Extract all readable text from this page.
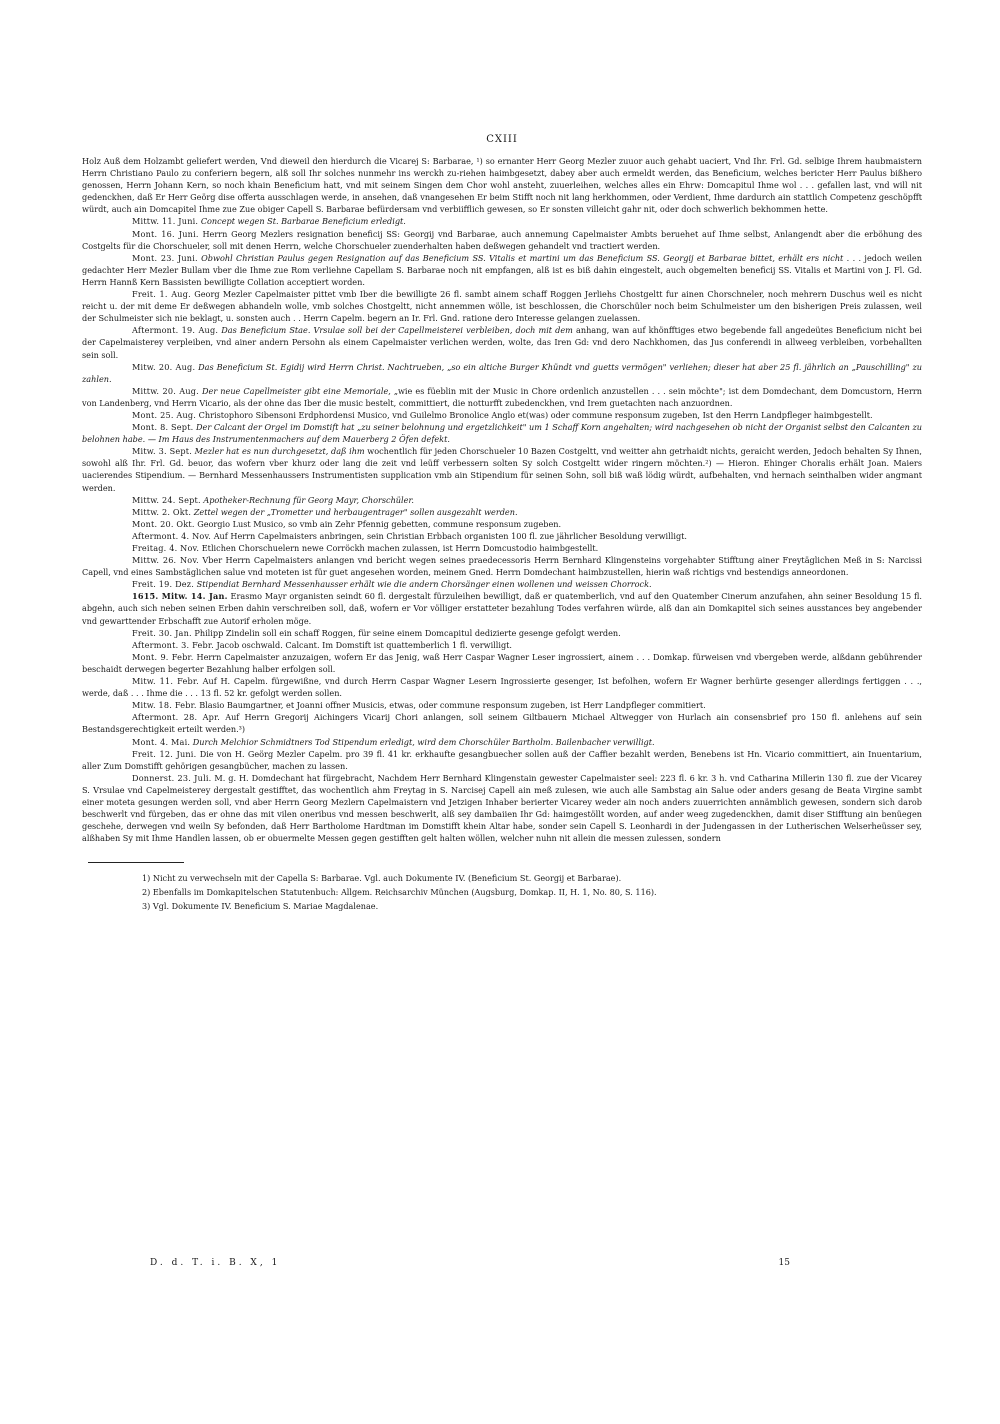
CXIII

Holz Auß dem Holzambt geliefert werden, Vnd dieweil den hierdurch die Vicarej S: Barbarae, ¹) so ernanter Herr Georg Mezler zuuor auch gehabt uaciert, Vnd Ihr. Frl. Gd. selbige Ihrem haubmaistern Herrn Christiano Paulo zu conferiern begern, alß soll Ihr solches nunmehr ins werckh zu-riehen haimbgesetzt, dabey aber auch ermeldt werden, das Beneficium, welches bericter Herr Paulus bißhero genossen, Herrn Johann Kern, so noch khain Beneficium hatt, vnd mit seinem Singen dem Chor wohl ansteht, zuuerleihen, welches alles ein Ehrw: Domcapitul Ihme wol . . . gefallen last, vnd will nit gedenckhen, daß Er Herr Geörg dise offerta ausschlagen werde, in ansehen, daß vnangesehen Er beim Stifft noch nit lang herkhommen, oder Verdient, Ihme dardurch ain stattlich Competenz geschöpfft würdt, auch ain Domcapitel Ihme zue Zue obiger Capell S. Barbarae befürdersam vnd verbiifflich gewesen, so Er sonsten villeicht gahr nit, oder doch schwerlich bekhommen hette.

Mittw. 11. Juni. Concept wegen St. Barbarae Beneficium erledigt.

Mont. 16. Juni. Herrn Georg Mezlers resignation beneficij SS: Georgij vnd Barbarae, auch annemung Capelmaister Ambts beruehet auf Ihme selbst, Anlangendt aber die erböhung des Costgelts für die Chorschueler, soll mit denen Herrn, welche Chorschueler zuenderhalten haben deßwegen gehandelt vnd tractiert werden.

Mont. 23. Juni. Obwohl Christian Paulus gegen Resignation auf das Beneficium SS. Vitalis et martini um das Beneficium SS. Georgij et Barbarae bittet, erhält ers nicht . . . jedoch weilen gedachter Herr Mezler Bullam vber die Ihme zue Rom verliehne Capellam S. Barbarae noch nit empfangen, alß ist es biß dahin eingestelt, auch obgemelten beneficij SS. Vitalis et Martini von J. Fl. Gd. Herrn Hannß Kern Bassisten bewilligte Collation acceptiert worden.

Freit. 1. Aug. Georg Mezler Capelmaister pittet vmb Iber die bewilligte 26 fl. sambt ainem schaff Roggen Jerliehs Chostgeltt fur ainen Chorschneler, noch mehrern Duschus weil es nicht reicht u. der mit deme Er deßwegen abhandeln wolle, vmb solches Chostgeltt, nicht annemmen wölle, ist beschlossen, die Chorschüler noch beim Schulmeister um den bisherigen Preis zulassen, weil der Schulmeister sich nie beklagt, u. sonsten auch . . Herrn Capelm. begern an Ir. Frl. Gnd. ratione dero Interesse gelangen zuelassen.

Aftermont. 19. Aug. Das Beneficium Stae. Vrsulae soll bei der Capellmeisterei verbleiben, doch mit dem anhang, wan auf khönfftiges etwo begebende fall angedeütes Beneficium nicht bei der Capelmaisterey verpleiben, vnd ainer andern Persohn als einem Capelmaister verlichen werden, wolte, das Iren Gd: vnd dero Nachkhomen, das Jus conferendi in allweeg verbleiben, vorbehallten sein soll.

Mitw. 20. Aug. Das Beneficium St. Egidij wird Herrn Christ. Nachtrueben, „so ein altiche Burger Khündt vnd guetts vermögen" verliehen; dieser hat aber 25 fl. jährlich an „Pauschilling" zu zahlen.

Mittw. 20. Aug. Der neue Capellmeister gibt eine Memoriale, „wie es füeblin mit der Music in Chore ordenlich anzustellen . . . sein möchte"; ist dem Domdechant, dem Domcustorn, Herrn von Landenberg, vnd Herrn Vicario, als der ohne das Iber die music bestelt, committiert, die notturfft zubedenckhen, vnd Irem guetachten nach anzuordnen.

Mont. 25. Aug. Christophoro Sibensoni Erdphordensi Musico, vnd Guilelmo Bronolice Anglo et(was) oder commune responsum zugeben, Ist den Herrn Landpfleger haimbgestellt.

Mont. 8. Sept. Der Calcant der Orgel im Domstift hat „zu seiner belohnung und ergetzlichkeit" um 1 Schaff Korn angehalten; wird nachgesehen ob nicht der Organist selbst den Calcanten zu belohnen habe. — Im Haus des Instrumentenmachers auf dem Mauerberg 2 Öfen defekt.

Mitw. 3. Sept. Mezler hat es nun durchgesetzt, daß ihm wochentlich für jeden Chorschueler 10 Bazen Costgeltt, vnd weitter ahn getrhaidt nichts, geraicht werden, Jedoch behalten Sy Ihnen, sowohl alß Ihr. Frl. Gd. beuor, das wofern vber khurz oder lang die zeit vnd leüff verbessern solten Sy solch Costgeltt wider ringern möchten.²) — Hieron. Ehinger Choralis erhält Joan. Maiers uacierendes Stipendium. — Bernhard Messenhaussers Instrumentisten supplication vmb ain Stipendium für seinen Sohn, soll biß waß lödig würdt, aufbehalten, vnd hernach seinthalben wider angmant werden.

Mittw. 24. Sept. Apotheker-Rechnung für Georg Mayr, Chorschüler.

Mittw. 2. Okt. Zettel wegen der „Trometter und herbaugentrager" sollen ausgezahlt werden.

Mont. 20. Okt. Georgio Lust Musico, so vmb ain Zehr Pfennig gebetten, commune responsum zugeben.

Aftermont. 4. Nov. Auf Herrn Capelmaisters anbringen, sein Christian Erbbach organisten 100 fl. zue jährlicher Besoldung verwilligt.

Freitag. 4. Nov. Etlichen Chorschuelern newe Corröckh machen zulassen, ist Herrn Domcustodio haimbgestellt.

Mittw. 26. Nov. Vber Herrn Capelmaisters anlangen vnd bericht wegen seines praedecessoris Herrn Bernhard Klingensteins vorgehabter Stifftung ainer Freytäglichen Meß in S: Narcissi Capell, vnd eines Sambstäglichen salue vnd moteten ist für guet angesehen worden, meinem Gned. Herrn Domdechant haimbzustellen, hierin waß richtigs vnd bestendigs anneordonen.

Freit. 19. Dez. Stipendiat Bernhard Messenhausser erhält wie die andern Chorsänger einen wollenen und weissen Chorrock.

1615. Mitw. 14. Jan. Erasmo Mayr organisten seindt 60 fl. dergestalt fürzuleihen bewilligt, daß er quatemberlich, vnd auf den Quatember Cinerum anzufahen, ahn seiner Besoldung 15 fl. abgehn, auch sich neben seinen Erben dahin verschreiben soll, daß, wofern er Vor völliger erstatteter bezahlung Todes verfahren würde, alß dan ain Domkapitel sich seines ausstances bey angebender vnd gewarttender Erbschafft zue Autorif erholen möge.

Freit. 30. Jan. Philipp Zindelin soll ein schaff Roggen, für seine einem Domcapitul dedizierte gesenge gefolgt werden.

Aftermont. 3. Febr. Jacob oschwald. Calcant. Im Domstift ist quattemberlich 1 fl. verwilligt.

Mont. 9. Febr. Herrn Capelmaister anzuzaigen, wofern Er das Jenig, waß Herr Caspar Wagner Leser ingrossiert, ainem . . . Domkap. fürweisen vnd vbergeben werde, alßdann gebührender beschaidt derwegen begerter Bezahlung halber erfolgen soll.

Mitw. 11. Febr. Auf H. Capelm. fürgewißne, vnd durch Herrn Caspar Wagner Lesern Ingrossierte gesenger, Ist befolhen, wofern Er Wagner berhürte gesenger allerdings fertiggen . . ., werde, daß . . . Ihme die . . . 13 fl. 52 kr. gefolgt werden sollen.

Mitw. 18. Febr. Blasio Baumgartner, et Joanni offner Musicis, etwas, oder commune responsum zugeben, ist Herr Landpfleger commitiert.

Aftermont. 28. Apr. Auf Herrn Gregorij Aichingers Vicarij Chori anlangen, soll seinem Giltbauern Michael Altwegger von Hurlach ain consensbrief pro 150 fl. anlehens auf sein Bestandsgerechtigkeit erteilt werden.³)

Mont. 4. Mai. Durch Melchior Schmidtners Tod Stipendum erledigt, wird dem Chorschüler Bartholm. Bailenbacher verwilligt.

Freit. 12. Juni. Die von H. Geörg Mezler Capelm. pro 39 fl. 41 kr. erkhaufte gesangbuecher sollen auß der Caffier bezahlt werden, Benebens ist Hn. Vicario committiert, ain Inuentarium, aller Zum Domstifft gehörigen gesangbücher, machen zu lassen.

Donnerst. 23. Juli. M. g. H. Domdechant hat fürgebracht, Nachdem Herr Bernhard Klingenstain gewester Capelmaister seel: 223 fl. 6 kr. 3 h. vnd Catharina Millerin 130 fl. zue der Vicarey S. Vrsulae vnd Capelmeisterey dergestalt gestifftet, das wochentlich ahm Freytag in S. Narcisej Capell ain meß zulesen, wie auch alle Sambstag ain Salue oder anders gesang de Beata Virgine sambt einer moteta gesungen werden soll, vnd aber Herrn Georg Mezlern Capelmaistern vnd Jetzigen Inhaber berierter Vicarey weder ain noch anders zuuerrichten annämblich gewesen, sondern sich darob beschwerlt vnd fürgeben, das er ohne das mit vilen oneribus vnd messen beschwerlt, alß sey dambaiien Ihr Gd: haimgestöllt worden, auf ander weeg zugedenckhen, damit diser Stifftung ain benüegen geschehe, derwegen vnd weiln Sy befonden, daß Herr Bartholome Hardtman im Domstifft khein Altar habe, sonder sein Capell S. Leonhardi in der Judengassen in der Lutherischen Welserheüsser sey, alßhaben Sy mit Ihme Handlen lassen, ob er obuermelte Messen gegen gestifften gelt halten wöllen, welcher nuhn nit allein die messen zulessen, sondern

1) Nicht zu verwechseln mit der Capella S: Barbarae. Vgl. auch Dokumente IV. (Beneficium St. Georgij et Barbarae).
2) Ebenfalls im Domkapitelschen Statutenbuch: Allgem. Reichsarchiv München (Augsburg, Domkap. II, H. 1, No. 80, S. 116).
3) Vgl. Dokumente IV. Beneficium S. Mariae Magdalenae.
D. d. T. i. B. X, 1	15
